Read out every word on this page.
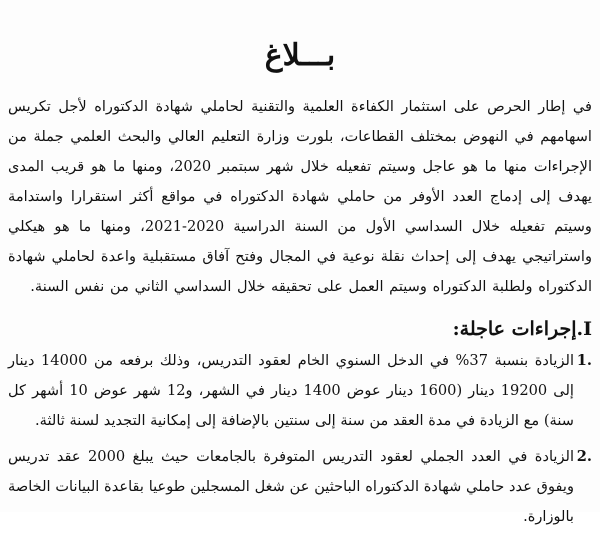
بـــلاغ

في إطار الحرص على استثمار الكفاءة العلمية والتقنية لحاملي شهادة الدكتوراه لأجل تكريس اسهامهم في النهوض بمختلف القطاعات، بلورت وزارة التعليم العالي والبحث العلمي جملة من الإجراءات منها ما هو عاجل وسيتم تفعيله خلال شهر سبتمبر 2020، ومنها ما هو قريب المدى يهدف إلى إدماج العدد الأوفر من حاملي شهادة الدكتوراه في مواقع أكثر استقرارا واستدامة وسيتم تفعيله خلال السداسي الأول من السنة الدراسية 2020-2021، ومنها ما هو هيكلي واستراتيجي يهدف إلى إحداث نقلة نوعية في المجال وفتح آفاق مستقبلية واعدة لحاملي شهادة الدكتوراه ولطلبة الدكتوراه وسيتم العمل على تحقيقه خلال السداسي الثاني من نفس السنة.

I.إجراءات عاجلة:
.1
الزيادة بنسبة 37% في الدخل السنوي الخام لعقود التدريس، وذلك برفعه من 14000 دينار إلى 19200 دينار (1600 دينار عوض 1400 دينار في الشهر، و12 شهر عوض 10 أشهر كل سنة) مع الزيادة في مدة العقد من سنة إلى سنتين بالإضافة إلى إمكانية التجديد لسنة ثالثة.
.2
الزيادة في العدد الجملي لعقود التدريس المتوفرة بالجامعات حيث يبلغ 2000 عقد تدريس ويفوق عدد حاملي شهادة الدكتوراه الباحثين عن شغل المسجلين طوعيا بقاعدة البيانات الخاصة بالوزارة.
